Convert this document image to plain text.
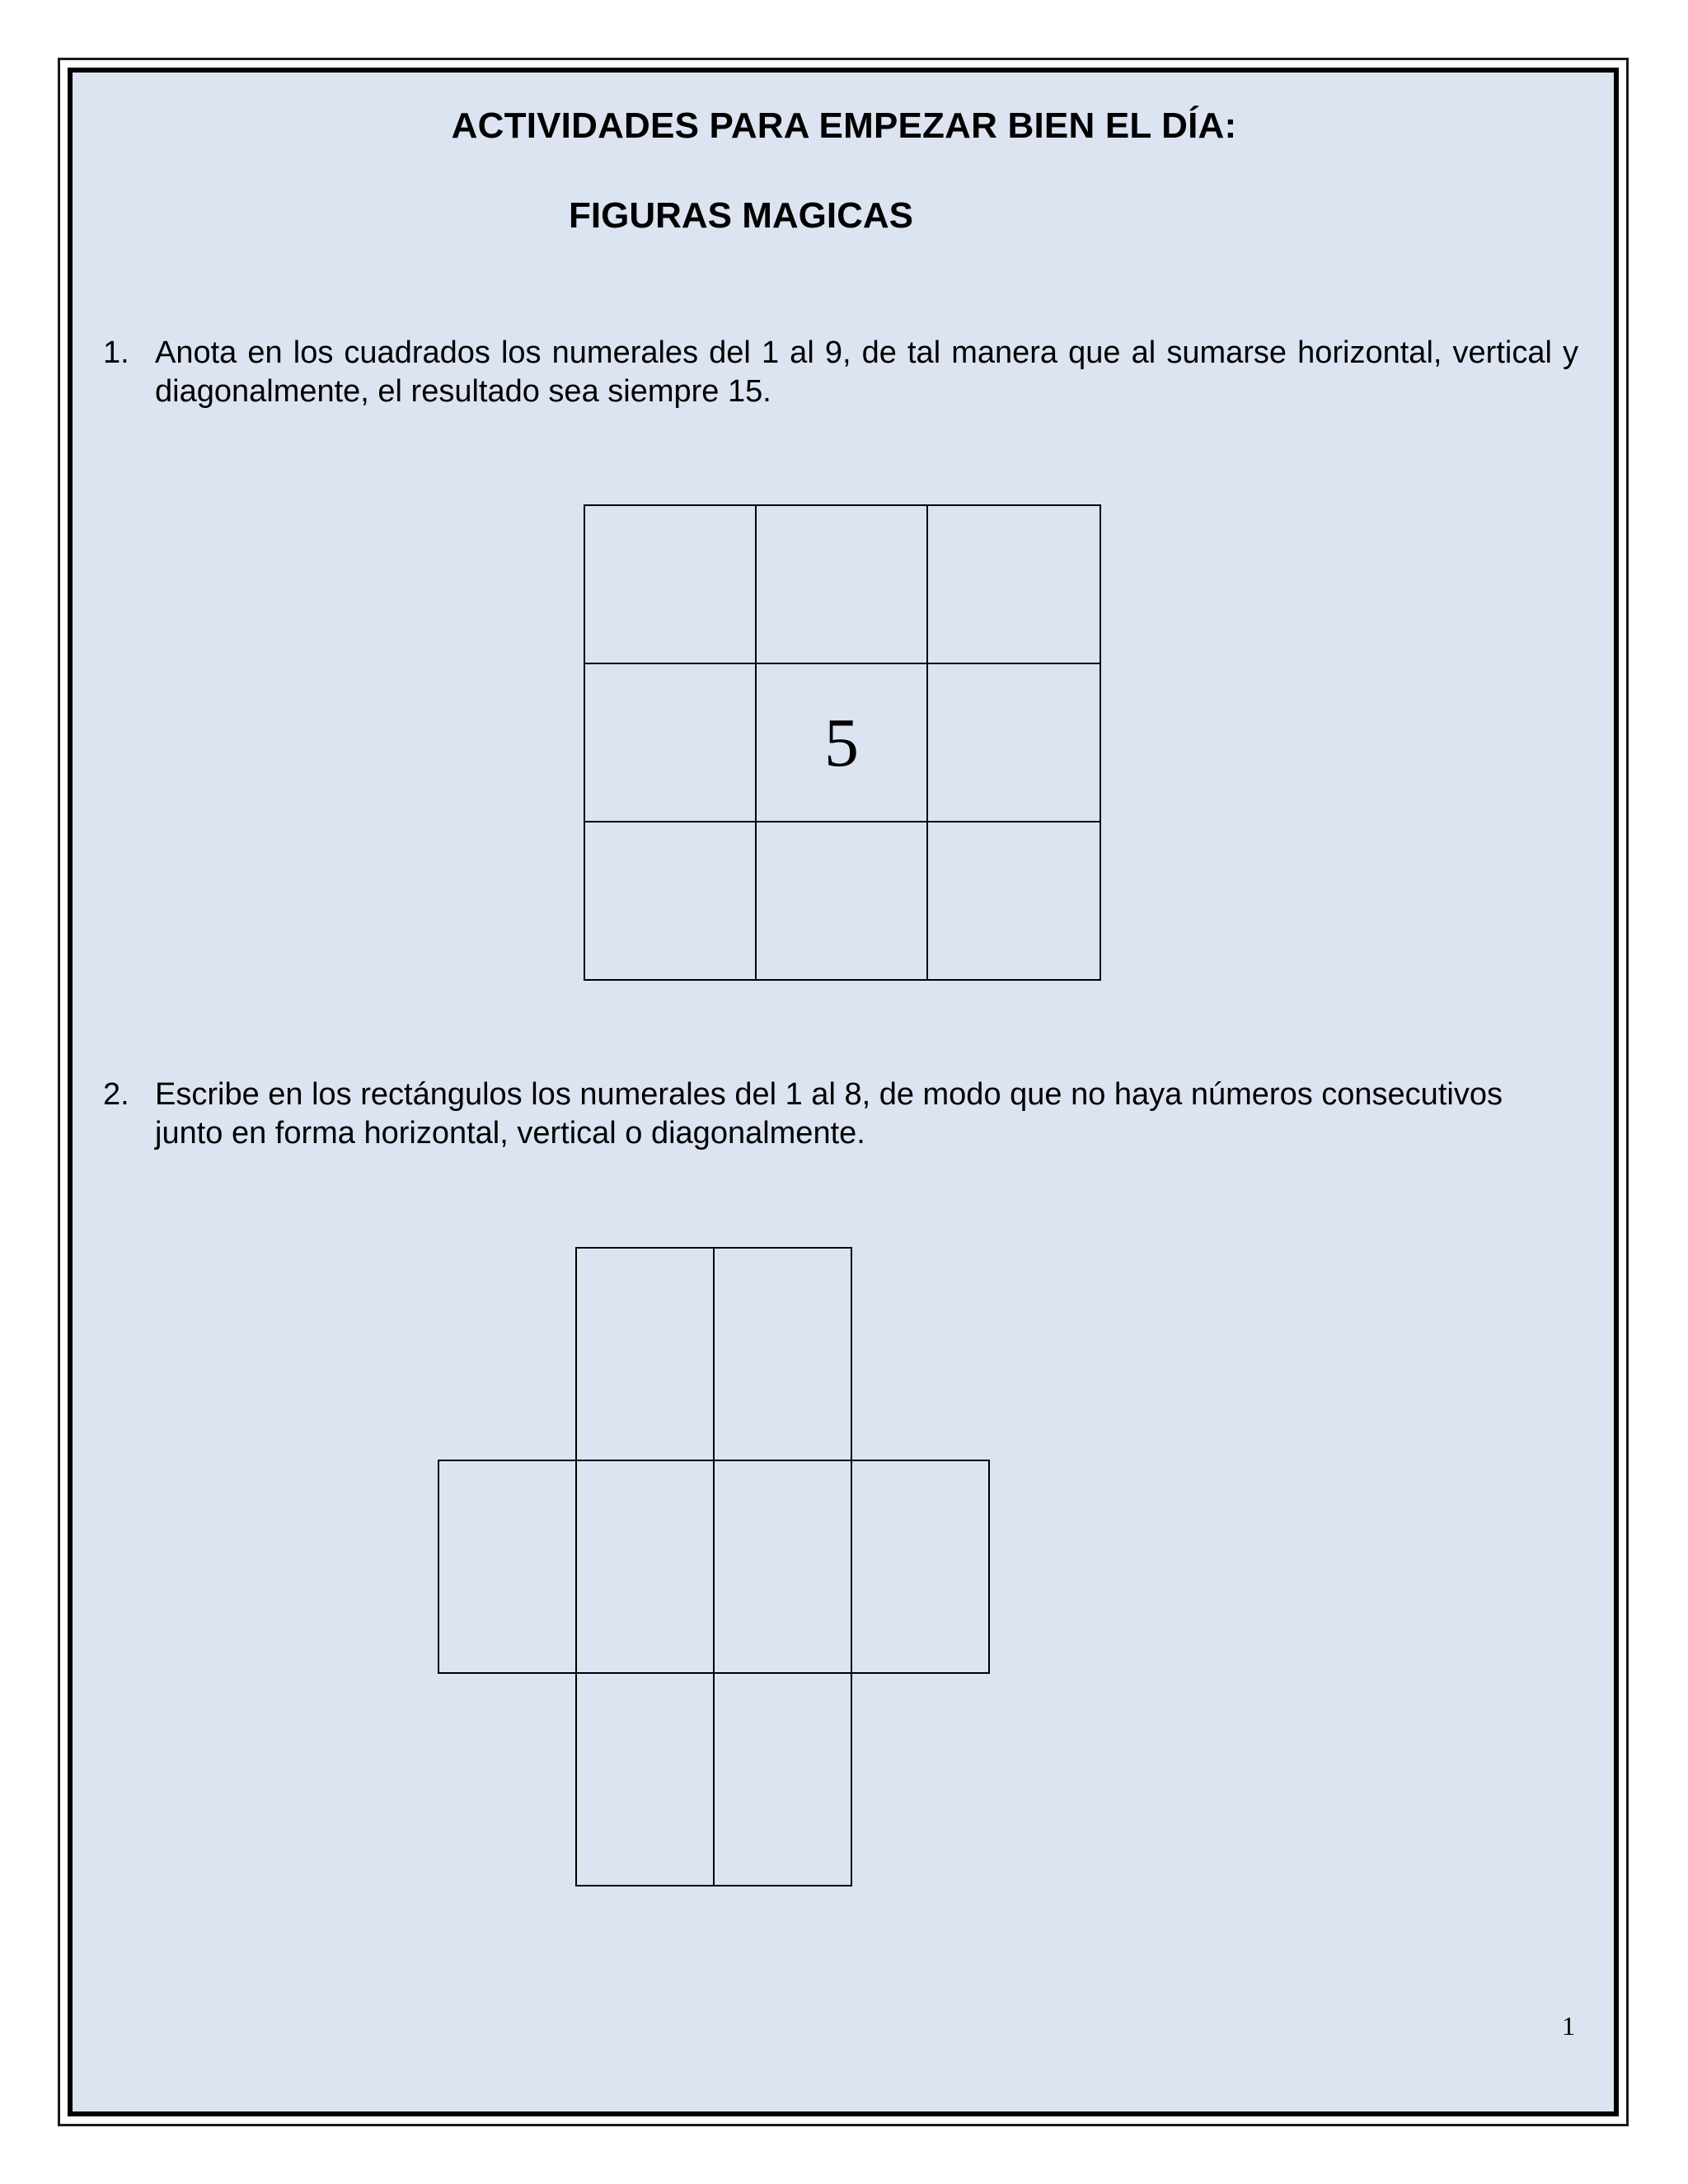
ACTIVIDADES PARA EMPEZAR BIEN EL DÍA:
FIGURAS MAGICAS
1. Anota en los cuadrados los numerales del 1 al 9, de tal manera que al sumarse horizontal, vertical y diagonalmente, el resultado sea siempre 15.
5
2. Escribe en los rectángulos los numerales del 1 al 8, de modo que no haya números consecutivos junto en forma horizontal, vertical o diagonalmente.
1
